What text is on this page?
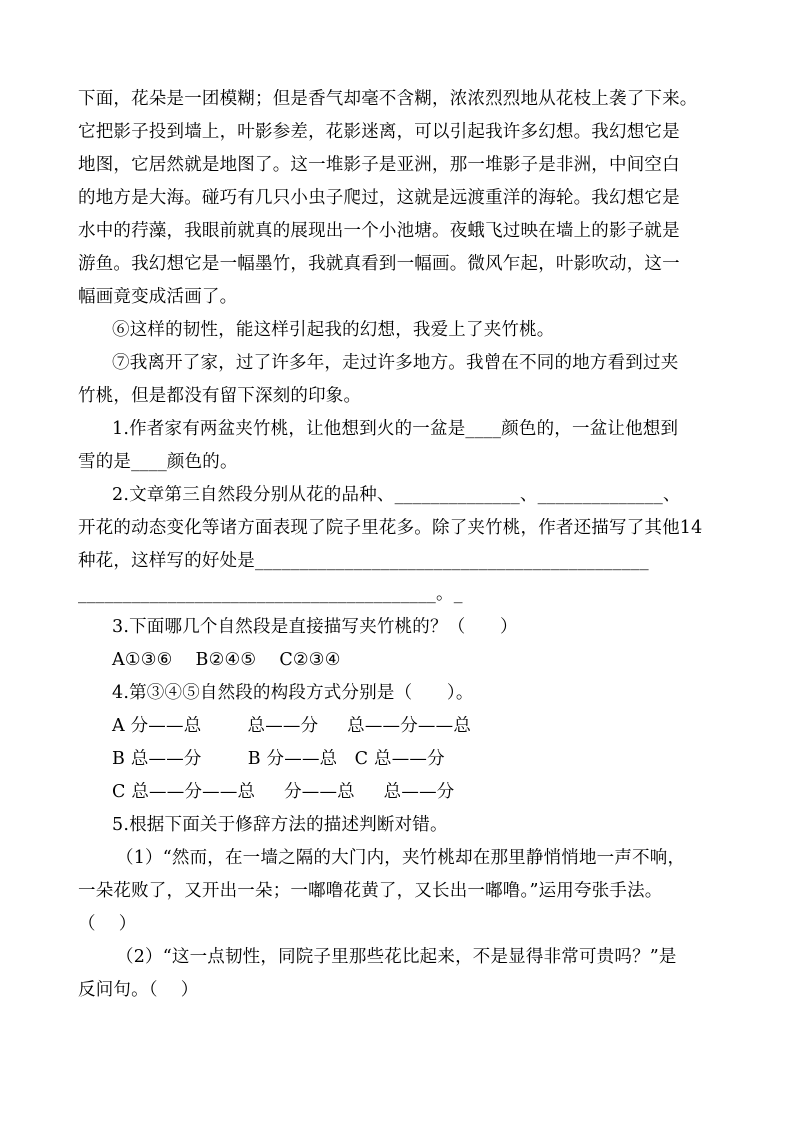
下面，花朵是一团模糊；但是香气却毫不含糊，浓浓烈烈地从花枝上袭了下来。
它把影子投到墙上，叶影参差，花影迷离，可以引起我许多幻想。我幻想它是
地图，它居然就是地图了。这一堆影子是亚洲，那一堆影子是非洲，中间空白
的地方是大海。碰巧有几只小虫子爬过，这就是远渡重洋的海轮。我幻想它是
水中的荇藻，我眼前就真的展现出一个小池塘。夜蛾飞过映在墙上的影子就是
游鱼。我幻想它是一幅墨竹，我就真看到一幅画。微风乍起，叶影吹动，这一
幅画竟变成活画了。
⑥这样的韧性，能这样引起我的幻想，我爱上了夹竹桃。
⑦我离开了家，过了许多年，走过许多地方。我曾在不同的地方看到过夹
竹桃，但是都没有留下深刻的印象。
1.作者家有两盆夹竹桃，让他想到火的一盆是____颜色的，一盆让他想到
雪的是____颜色的。
2.文章第三自然段分别从花的品种、______________、______________、
开花的动态变化等诸方面表现了院子里花多。除了夹竹桃，作者还描写了其他14
种花，这样写的好处是____________________________________________
________________________________________。_
3.下面哪几个自然段是直接描写夹竹桃的？（      ）
A①③⑥    B②④⑤    C②③④
4.第③④⑤自然段的构段方式分别是（      ）。
A 分——总        总——分     总——分——总
B 总——分        B 分——总   C 总——分
C 总——分——总     分——总     总——分
5.根据下面关于修辞方法的描述判断对错。
（1）“然而，在一墙之隔的大门内，夹竹桃却在那里静悄悄地一声不响，
一朵花败了，又开出一朵；一嘟噜花黄了，又长出一嘟噜。”运用夸张手法。
（    ）
（2）“这一点韧性，同院子里那些花比起来，不是显得非常可贵吗？”是
反问句。（    ）
